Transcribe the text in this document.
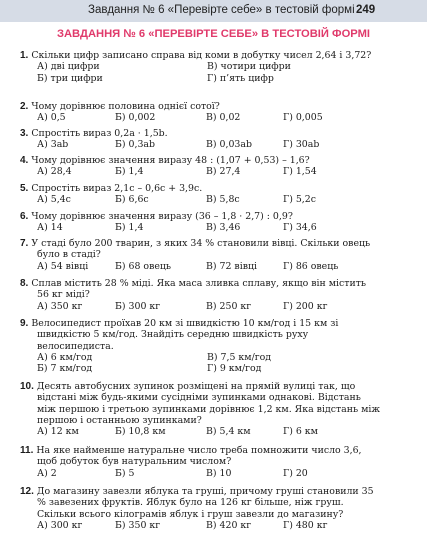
Завдання № 6 «Перевірте себе» в тестовій формі 249
ЗАВДАННЯ № 6 «ПЕРЕВІРТЕ СЕБЕ» В ТЕСТОВІЙ ФОРМІ
1. Скільки цифр записано справа від коми в добутку чисел 2,64 і 3,72?
А) дві цифри	В) чотири цифри
Б) три цифри	Г) п’ять цифр
2. Чому дорівнює половина однієї сотої?
А) 0,5	Б) 0,002	В) 0,02	Г) 0,005
3. Спростіть вираз 0,2a · 1,5b.
А) 3ab	Б) 0,3ab	В) 0,03ab	Г) 30ab
4. Чому дорівнює значення виразу 48 : (1,07 + 0,53) – 1,6?
А) 28,4	Б) 1,4	В) 27,4	Г) 1,54
5. Спростіть вираз 2,1c – 0,6c + 3,9c.
А) 5,4c	Б) 6,6c	В) 5,8c	Г) 5,2c
6. Чому дорівнює значення виразу (36 – 1,8 · 2,7) : 0,9?
А) 14	Б) 1,4	В) 3,46	Г) 34,6
7. У стаді було 200 тварин, з яких 34 % становили вівці. Скільки овець було в стаді?
А) 54 вівці	Б) 68 овець	В) 72 вівці	Г) 86 овець
8. Сплав містить 28 % міді. Яка маса зливка сплаву, якщо він містить 56 кг міді?
А) 350 кг	Б) 300 кг	В) 250 кг	Г) 200 кг
9. Велосипедист проїхав 20 км зі швидкістю 10 км/год і 15 км зі швидкістю 5 км/год. Знайдіть середню швидкість руху велосипедиста.
А) 6 км/год	В) 7,5 км/год
Б) 7 км/год	Г) 9 км/год
10. Десять автобусних зупинок розміщені на прямій вулиці так, що відстані між будь-якими сусідніми зупинками однакові. Відстань між першою і третьою зупинками дорівнює 1,2 км. Яка відстань між першою і останньою зупинками?
А) 12 км	Б) 10,8 км	В) 5,4 км	Г) 6 км
11. На яке найменше натуральне число треба помножити число 3,6, щоб добуток був натуральним числом?
А) 2	Б) 5	В) 10	Г) 20
12. До магазину завезли яблука та груші, причому груші становили 35 % завезених фруктів. Яблук було на 126 кг більше, ніж груш. Скільки всього кілограмів яблук і груш завезли до магазину?
А) 300 кг	Б) 350 кг	В) 420 кг	Г) 480 кг
